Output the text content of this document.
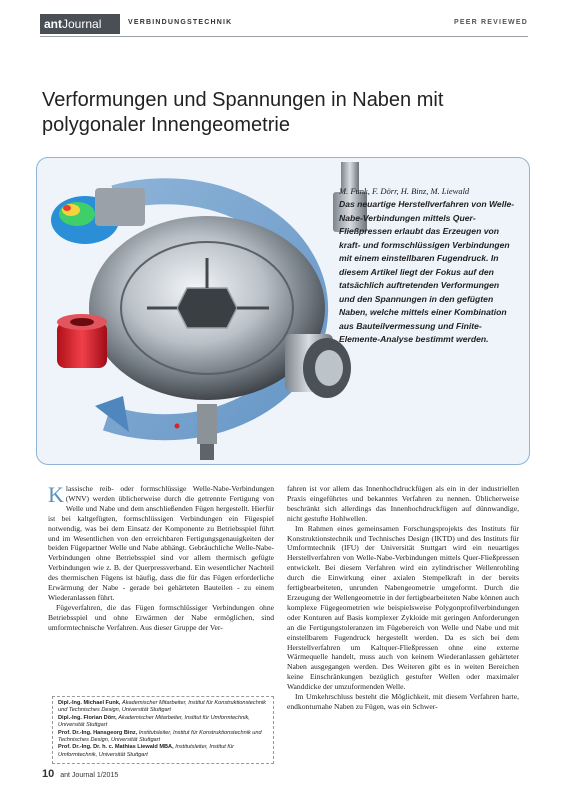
antJournal	VERBINDUNGSTECHNIK	PEER REVIEWED
Verformungen und Spannungen in Naben mit
polygonaler Innengeometrie
M. Funk, F. Dörr, H. Binz, M. Liewald
Das neuartige Herstellverfahren von Welle-Nabe-Verbindungen mittels Quer-Fließpressen erlaubt das Erzeugen von kraft- und formschlüssigen Verbindungen mit einem einstellbaren Fugendruck. In diesem Artikel liegt der Fokus auf den tatsächlich auftretenden Verformungen und den Spannungen in den gefügten Naben, welche mittels einer Kombination aus Bauteilvermessung und Finite-Elemente-Analyse bestimmt werden.

Klassische reib- oder formschlüssige Welle-Nabe-Verbindungen (WNV) werden üblicherweise durch die getrennte Fertigung von Welle und Nabe und dem anschließenden Fügen hergestellt. Hierfür ist bei kaltgefügten, formschlüssigen Verbindungen ein Fügespiel notwendig, was bei dem Einsatz der Komponente zu Betriebsspiel führt und im Wesentlichen von den erreichbaren Fertigungsgenauigkeiten der beiden Fügepartner Welle und Nabe abhängt. Gebräuchliche Welle-Nabe-Verbindungen ohne Betriebsspiel sind vor allem thermisch gefügte Verbindungen wie z. B. der Querpressverband. Ein wesentlicher Nachteil des thermischen Fügens ist häufig, dass die für das Fügen erforderliche Erwärmung der Nabe - gerade bei gehärteten Bauteilen - zu einem Wiederanlassen führt.

Fügeverfahren, die das Fügen formschlüssiger Verbindungen ohne Betriebsspiel und ohne Erwärmen der Nabe ermöglichen, sind umformtechnische Verfahren. Aus dieser Gruppe der Ver-

Dipl.-Ing. Michael Funk, Akademischer Mitarbeiter, Institut für Konstruktionstechnik und Technisches Design, Universität Stuttgart
Dipl.-Ing. Florian Dörr, Akademischer Mitarbeiter, Institut für Umformtechnik, Universität Stuttgart
Prof. Dr.-Ing. Hansgeorg Binz, Institutsleiter, Institut für Konstruktionstechnik und Technisches Design, Universität Stuttgart
Prof. Dr.-Ing. Dr. h. c. Mathias Liewald MBA, Institutsleiter, Institut für Umformtechnik, Universität Stuttgart

fahren ist vor allem das Innenhochdruckfügen als ein in der industriellen Praxis eingeführtes und bekanntes Verfahren zu nennen. Üblicherweise beschränkt sich allerdings das Innenhochdruckfügen auf dünnwandige, nicht gestufte Hohlwellen.

Im Rahmen eines gemeinsamen Forschungsprojekts des Instituts für Konstruktionstechnik und Technisches Design (IKTD) und des Instituts für Umformtechnik (IFU) der Universität Stuttgart wird ein neuartiges Herstellverfahren von Welle-Nabe-Verbindungen mittels Quer-Fließpressen entwickelt. Bei diesem Verfahren wird ein zylindrischer Wellenrohling durch die Einwirkung einer axialen Stempelkraft in der bereits fertigbearbeiteten, unrunden Nabengeometrie umgeformt. Durch die Erzeugung der Wellengeometrie in der fertigbearbeiteten Nabe können auch komplexe Fügegeometrien wie beispielsweise Polygonprofilverbindungen oder Konturen auf Basis komplexer Zykloide mit geringen Anforderungen an die Fertigungstoleranzen im Fügebereich von Welle und Nabe und mit einstellbarem Fugendruck hergestellt werden. Da es sich bei dem Herstellverfahren um Kaltquer-Fließpressen ohne eine externe Wärmequelle handelt, muss auch von keinem Wiederanlassen gehärteter Naben ausgegangen werden. Des Weiteren gibt es in weiten Bereichen keine Einschränkungen bezüglich gestufter Wellen oder maximaler Wanddicke der umzuformenden Welle.

Im Umkehrschluss besteht die Möglichkeit, mit diesem Verfahren harte, endkonturnahe Naben zu Fügen, was ein Schwer-

10 ant Journal 1/2015
